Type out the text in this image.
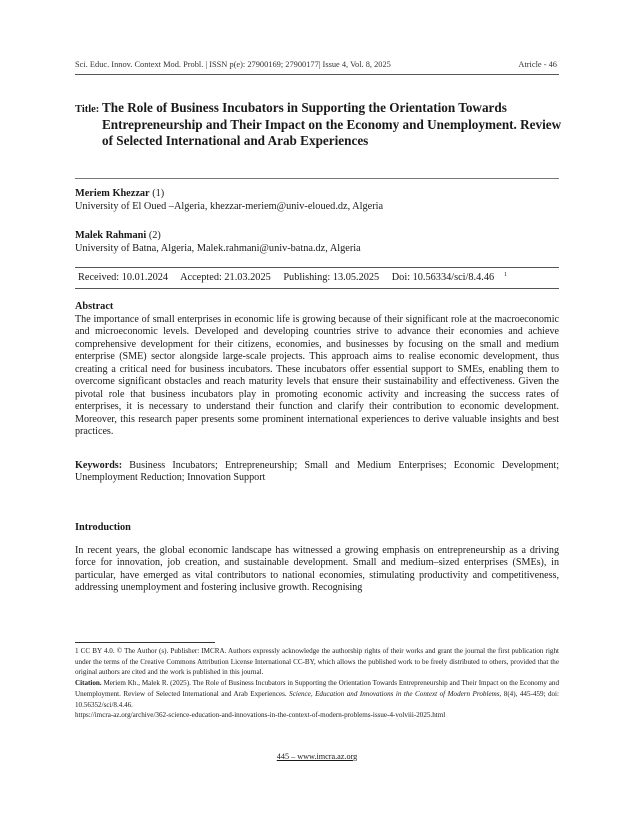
Sci. Educ. Innov. Context Mod. Probl. | ISSN p(e): 27900169; 27900177| Issue 4, Vol. 8, 2025	Atricle - 46
Title: The Role of Business Incubators in Supporting the Orientation Towards Entrepreneurship and Their Impact on the Economy and Unemployment. Review of Selected International and Arab Experiences
Meriem Khezzar (1)
University of El Oued –Algeria, khezzar-meriem@univ-eloued.dz, Algeria
Malek Rahmani (2)
University of Batna, Algeria, Malek.rahmani@univ-batna.dz, Algeria
Received: 10.01.2024 Accepted: 21.03.2025 Publishing: 13.05.2025 Doi: 10.56334/sci/8.4.46 $^1$
Abstract
The importance of small enterprises in economic life is growing because of their significant role at the macroeconomic and microeconomic levels. Developed and developing countries strive to advance their economies and achieve comprehensive development for their citizens, economies, and businesses by focusing on the small and medium enterprise (SME) sector alongside large-scale projects. This approach aims to realise economic development, thus creating a critical need for business incubators. These incubators offer essential support to SMEs, enabling them to overcome significant obstacles and reach maturity levels that ensure their sustainability and effectiveness. Given the pivotal role that business incubators play in promoting economic activity and increasing the success rates of enterprises, it is necessary to understand their function and clarify their contribution to economic development. Moreover, this research paper presents some prominent international experiences to derive valuable insights and best practices.
Keywords: Business Incubators; Entrepreneurship; Small and Medium Enterprises; Economic Development; Unemployment Reduction; Innovation Support
Introduction
In recent years, the global economic landscape has witnessed a growing emphasis on entrepreneurship as a driving force for innovation, job creation, and sustainable development. Small and medium–sized enterprises (SMEs), in particular, have emerged as vital contributors to national economies, stimulating productivity and competitiveness, addressing unemployment and fostering inclusive growth. Recognising
1 CC BY 4.0. © The Author (s). Publisher: IMCRA. Authors expressly acknowledge the authorship rights of their works and grant the journal the first publication right under the terms of the Creative Commons Attribution License International CC-BY, which allows the published work to be freely distributed to others, provided that the original authors are cited and the work is published in this journal.
Citation. Meriem Kh., Malek R. (2025). The Role of Business Incubators in Supporting the Orientation Towards Entrepreneurship and Their Impact on the Economy and Unemployment. Review of Selected International and Arab Experiences. Science, Education and Innovations in the Context of Modern Problems, 8(4), 445-459; doi: 10.56352/sci/8.4.46.
https://imcra-az.org/archive/362-science-education-and-innovations-in-the-context-of-modern-problems-issue-4-volviii-2025.html
445 – www.imcra.az.org
